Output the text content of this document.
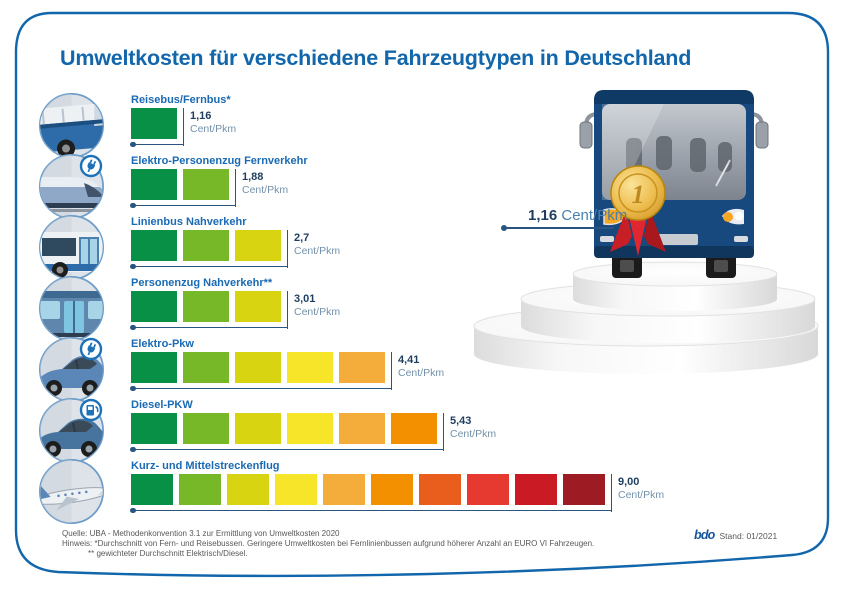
Umweltkosten für verschiedene Fahrzeugtypen in Deutschland
Reisebus/Fernbus*
1,16
Cent/Pkm
Elektro-Personenzug Fernverkehr
1,88
Cent/Pkm
Linienbus Nahverkehr
2,7
Cent/Pkm
Personenzug Nahverkehr**
3,01
Cent/Pkm
Elektro-Pkw
4,41
Cent/Pkm
Diesel-PKW
5,43
Cent/Pkm
Kurz- und Mittelstreckenflug
9,00
Cent/Pkm
1
1,16 Cent/Pkm
Quelle: UBA - Methodenkonvention 3.1 zur Ermittlung von Umweltkosten 2020
Hinweis: *Durchschnitt von Fern- und Reisebussen. Geringere Umweltkosten bei Fernlinienbussen aufgrund höherer Anzahl an EURO VI Fahrzeugen.
** gewichteter Durchschnitt Elektrisch/Diesel.
bdo Stand: 01/2021
